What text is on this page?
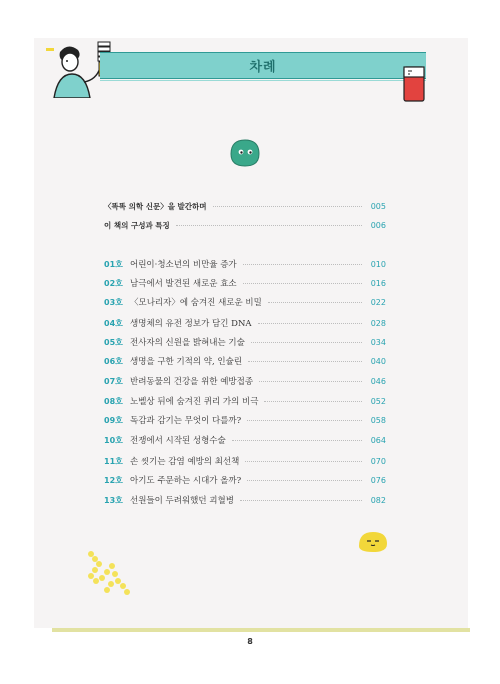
차례
〈똑똑 의학 신문〉을 발간하며	005
이 책의 구성과 특징	006
01호 어린이·청소년의 비만율 증가	010
02호 남극에서 발견된 새로운 효소	016
03호 〈모나리자〉에 숨겨진 새로운 비밀	022
04호 생명체의 유전 정보가 담긴 DNA	028
05호 전사자의 신원을 밝혀내는 기술	034
06호 생명을 구한 기적의 약, 인슐린	040
07호 반려동물의 건강을 위한 예방접종	046
08호 노벨상 뒤에 숨겨진 퀴리 가의 비극	052
09호 독감과 감기는 무엇이 다를까?	058
10호 전쟁에서 시작된 성형수술	064
11호 손 씻기는 감염 예방의 최선책	070
12호 아기도 주문하는 시대가 올까?	076
13호 선원들이 두려워했던 괴혈병	082
8
